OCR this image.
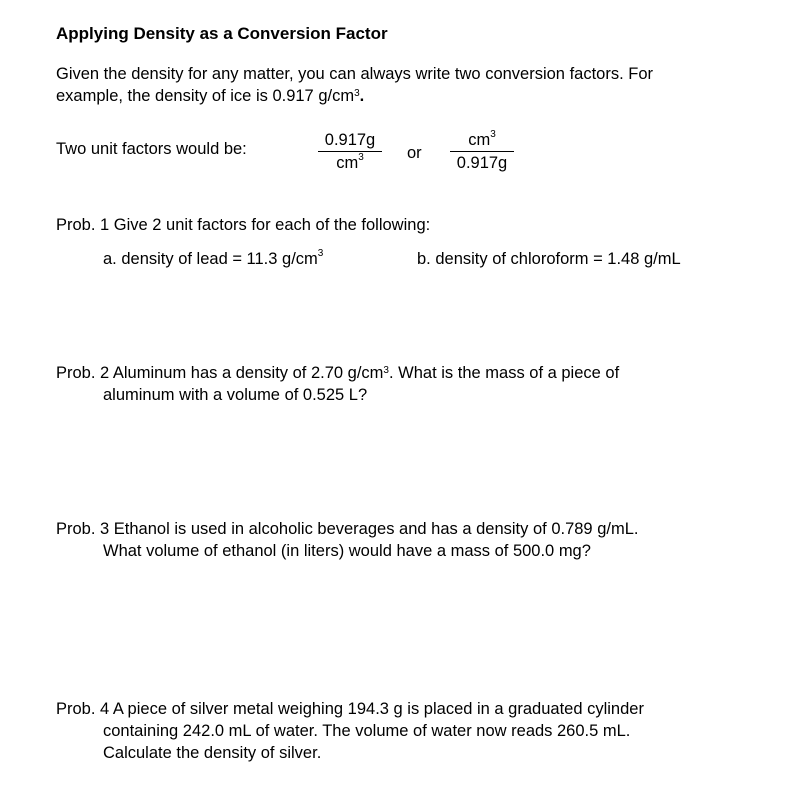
Applying Density as a Conversion Factor
Given the density for any matter, you can always write two conversion factors. For
example, the density of ice is 0.917 $g/cm^3$.
Two unit factors would be:	$\frac{0.917g}{cm^3}$ or $\frac{cm^3}{0.917g}$
Prob. 1 Give 2 unit factors for each of the following:
a. density of lead = 11.3 $g/cm^3$	b. density of chloroform = 1.48 g/mL
Prob. 2 Aluminum has a density of 2.70 $g/cm^3$. What is the mass of a piece of
aluminum with a volume of 0.525 L?
Prob. 3 Ethanol is used in alcoholic beverages and has a density of 0.789 g/mL.
What volume of ethanol (in liters) would have a mass of 500.0 mg?
Prob. 4 A piece of silver metal weighing 194.3 g is placed in a graduated cylinder
containing 242.0 mL of water. The volume of water now reads 260.5 mL.
Calculate the density of silver.
